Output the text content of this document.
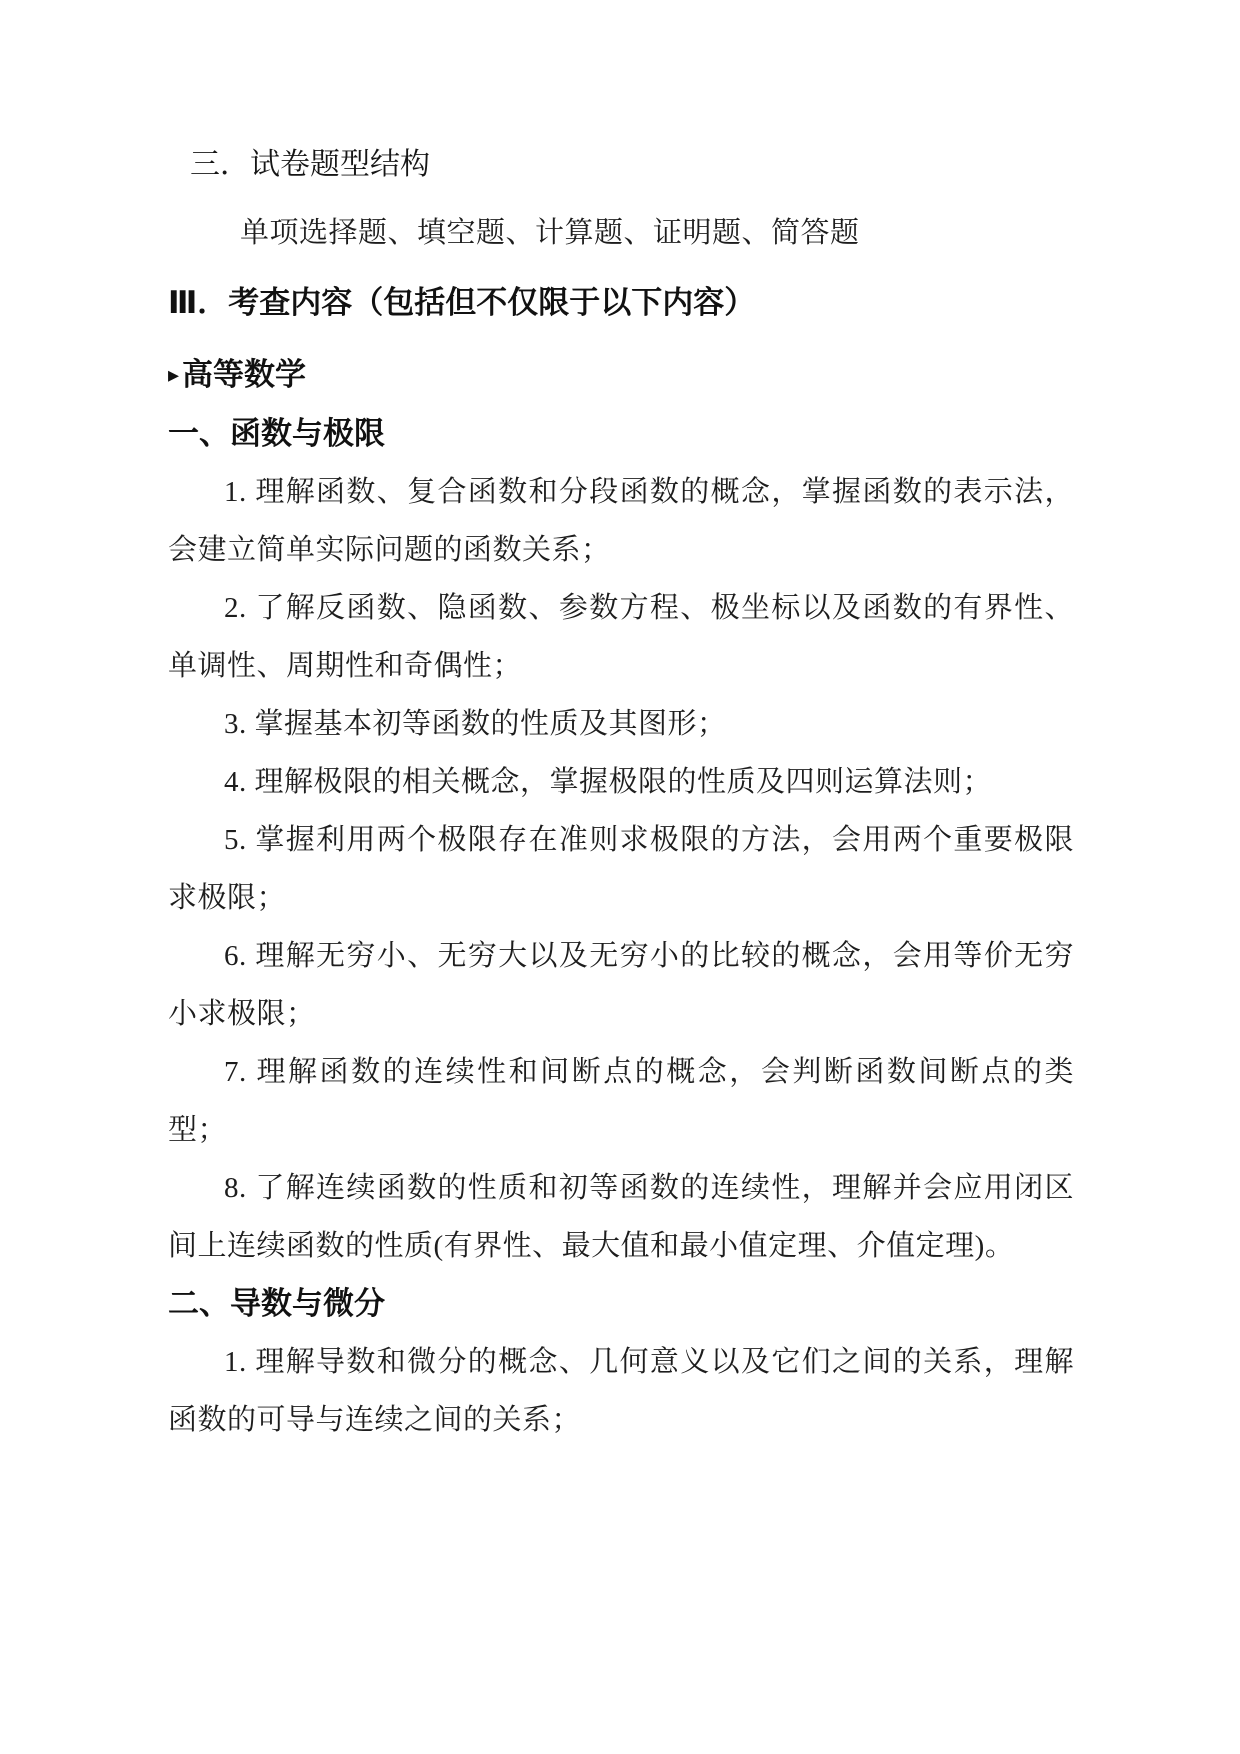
三．试卷题型结构

单项选择题、填空题、计算题、证明题、简答题

Ⅲ．考查内容（包括但不仅限于以下内容）

▸高等数学

一、函数与极限

1. 理解函数、复合函数和分段函数的概念，掌握函数的表示法，会建立简单实际问题的函数关系；

2. 了解反函数、隐函数、参数方程、极坐标以及函数的有界性、单调性、周期性和奇偶性；

3. 掌握基本初等函数的性质及其图形；

4. 理解极限的相关概念，掌握极限的性质及四则运算法则；

5. 掌握利用两个极限存在准则求极限的方法，会用两个重要极限求极限；

6. 理解无穷小、无穷大以及无穷小的比较的概念，会用等价无穷小求极限；

7. 理解函数的连续性和间断点的概念，会判断函数间断点的类型；

8. 了解连续函数的性质和初等函数的连续性，理解并会应用闭区间上连续函数的性质(有界性、最大值和最小值定理、介值定理)。

二、导数与微分

1. 理解导数和微分的概念、几何意义以及它们之间的关系，理解函数的可导与连续之间的关系；
